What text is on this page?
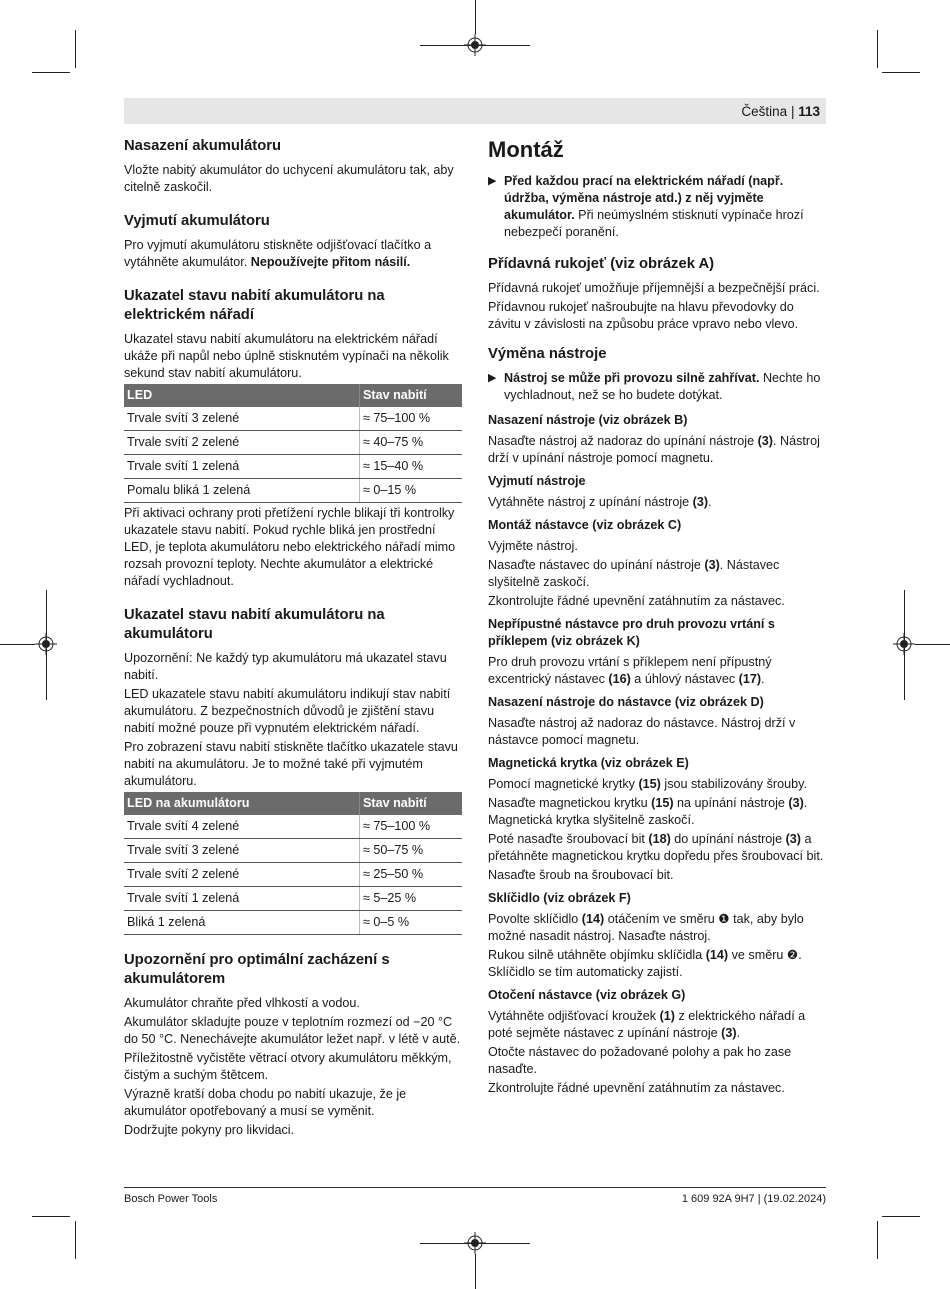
Čeština | 113
Nasazení akumulátoru

Vložte nabitý akumulátor do uchycení akumulátoru tak, aby citelně zaskočil.

Vyjmutí akumulátoru

Pro vyjmutí akumulátoru stiskněte odjišťovací tlačítko a vytáhněte akumulátor. Nepoužívejte přitom násilí.

Ukazatel stavu nabití akumulátoru na elektrickém nářadí

Ukazatel stavu nabití akumulátoru na elektrickém nářadí ukáže při napůl nebo úplně stisknutém vypínači na několik sekund stav nabití akumulátoru.

LED	Stav nabití
Trvale svítí 3 zelené	≈ 75–100 %
Trvale svítí 2 zelené	≈ 40–75 %
Trvale svítí 1 zelená	≈ 15–40 %
Pomalu bliká 1 zelená	≈ 0–15 %

Při aktivaci ochrany proti přetížení rychle blikají tři kontrolky ukazatele stavu nabití. Pokud rychle bliká jen prostřední LED, je teplota akumulátoru nebo elektrického nářadí mimo rozsah provozní teploty. Nechte akumulátor a elektrické nářadí vychladnout.

Ukazatel stavu nabití akumulátoru na akumulátoru

Upozornění: Ne každý typ akumulátoru má ukazatel stavu nabití.

LED ukazatele stavu nabití akumulátoru indikují stav nabití akumulátoru. Z bezpečnostních důvodů je zjištění stavu nabití možné pouze při vypnutém elektrickém nářadí.

Pro zobrazení stavu nabití stiskněte tlačítko ukazatele stavu nabití na akumulátoru. Je to možné také při vyjmutém akumulátoru.

LED na akumulátoru	Stav nabití
Trvale svítí 4 zelené	≈ 75–100 %
Trvale svítí 3 zelené	≈ 50–75 %
Trvale svítí 2 zelené	≈ 25–50 %
Trvale svítí 1 zelená	≈ 5–25 %
Bliká 1 zelená	≈ 0–5 %
Upozornění pro optimální zacházení s akumulátorem

Akumulátor chraňte před vlhkostí a vodou.

Akumulátor skladujte pouze v teplotním rozmezí od −20 °C do 50 °C. Nenechávejte akumulátor ležet např. v létě v autě.

Příležitostně vyčistěte větrací otvory akumulátoru měkkým, čistým a suchým štětcem.

Výrazně kratší doba chodu po nabití ukazuje, že je akumulátor opotřebovaný a musí se vyměnit.

Dodržujte pokyny pro likvidaci.

Montáž
▶ Před každou prací na elektrickém nářadí (např. údržba, výměna nástroje atd.) z něj vyjměte akumulátor. Při neúmyslném stisknutí vypínače hrozí nebezpečí poranění.

Přídavná rukojeť (viz obrázek A)

Přídavná rukojeť umožňuje příjemnější a bezpečnější práci.

Přídavnou rukojeť našroubujte na hlavu převodovky do závitu v závislosti na způsobu práce vpravo nebo vlevo.

Výměna nástroje
▶ Nástroj se může při provozu silně zahřívat. Nechte ho vychladnout, než se ho budete dotýkat.

Nasazení nástroje (viz obrázek B)

Nasaďte nástroj až nadoraz do upínání nástroje (3). Nástroj drží v upínání nástroje pomocí magnetu.

Vyjmutí nástroje

Vytáhněte nástroj z upínání nástroje (3).

Montáž nástavce (viz obrázek C)

Vyjměte nástroj.

Nasaďte nástavec do upínání nástroje (3). Nástavec slyšitelně zaskočí.

Zkontrolujte řádné upevnění zatáhnutím za nástavec.

Nepřípustné nástavce pro druh provozu vrtání s příklepem (viz obrázek K)

Pro druh provozu vrtání s příklepem není přípustný excentrický nástavec (16) a úhlový nástavec (17).

Nasazení nástroje do nástavce (viz obrázek D)

Nasaďte nástroj až nadoraz do nástavce. Nástroj drží v nástavce pomocí magnetu.

Magnetická krytka (viz obrázek E)

Pomocí magnetické krytky (15) jsou stabilizovány šrouby.

Nasaďte magnetickou krytku (15) na upínání nástroje (3). Magnetická krytka slyšitelně zaskočí.

Poté nasaďte šroubovací bit (18) do upínání nástroje (3) a přetáhněte magnetickou krytku dopředu přes šroubovací bit.

Nasaďte šroub na šroubovací bit.

Sklíčidlo (viz obrázek F)

Povolte sklíčidlo (14) otáčením ve směru ❶ tak, aby bylo možné nasadit nástroj. Nasaďte nástroj.

Rukou silně utáhněte objímku sklíčidla (14) ve směru ❷. Sklíčidlo se tím automaticky zajistí.

Otočení nástavce (viz obrázek G)

Vytáhněte odjišťovací kroužek (1) z elektrického nářadí a poté sejměte nástavec z upínání nástroje (3).

Otočte nástavec do požadované polohy a pak ho zase nasaďte.

Zkontrolujte řádné upevnění zatáhnutím za nástavec.

Bosch Power Tools	1 609 92A 9H7 | (19.02.2024)
